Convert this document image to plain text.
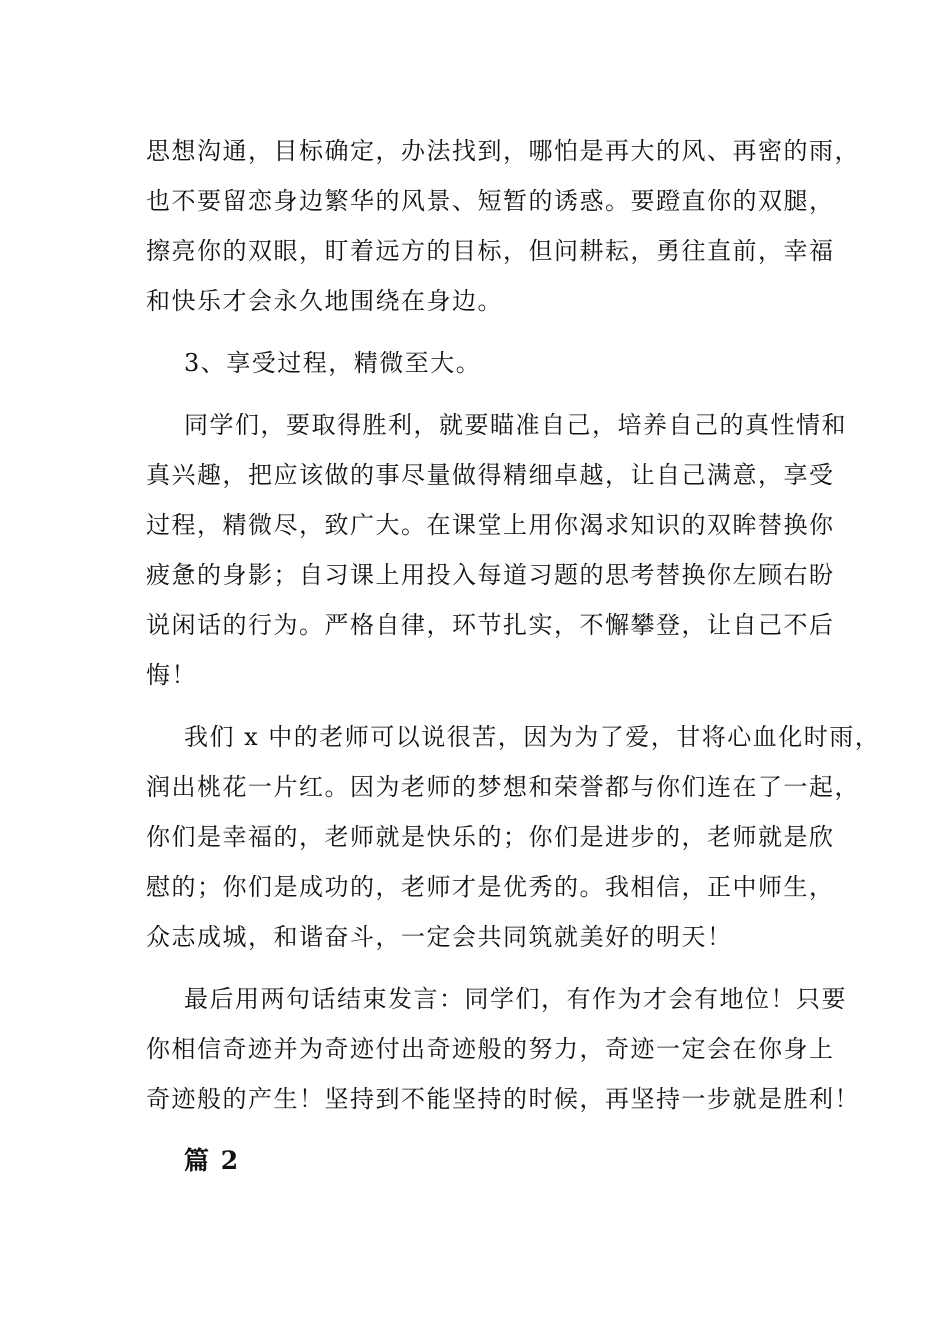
思想沟通，目标确定，办法找到，哪怕是再大的风、再密的雨，
也不要留恋身边繁华的风景、短暂的诱惑。要蹬直你的双腿，
擦亮你的双眼，盯着远方的目标，但问耕耘，勇往直前，幸福
和快乐才会永久地围绕在身边。
3、享受过程，精微至大。
同学们，要取得胜利，就要瞄准自己，培养自己的真性情和
真兴趣，把应该做的事尽量做得精细卓越，让自己满意，享受
过程，精微尽，致广大。在课堂上用你渴求知识的双眸替换你
疲惫的身影；自习课上用投入每道习题的思考替换你左顾右盼
说闲话的行为。严格自律，环节扎实，不懈攀登，让自己不后
悔！
我们 x 中的老师可以说很苦，因为为了爱，甘将心血化时雨，
润出桃花一片红。因为老师的梦想和荣誉都与你们连在了一起，
你们是幸福的，老师就是快乐的；你们是进步的，老师就是欣
慰的；你们是成功的，老师才是优秀的。我相信，正中师生，
众志成城，和谐奋斗，一定会共同筑就美好的明天！
最后用两句话结束发言：同学们，有作为才会有地位！只要
你相信奇迹并为奇迹付出奇迹般的努力，奇迹一定会在你身上
奇迹般的产生！坚持到不能坚持的时候，再坚持一步就是胜利！
篇 2
